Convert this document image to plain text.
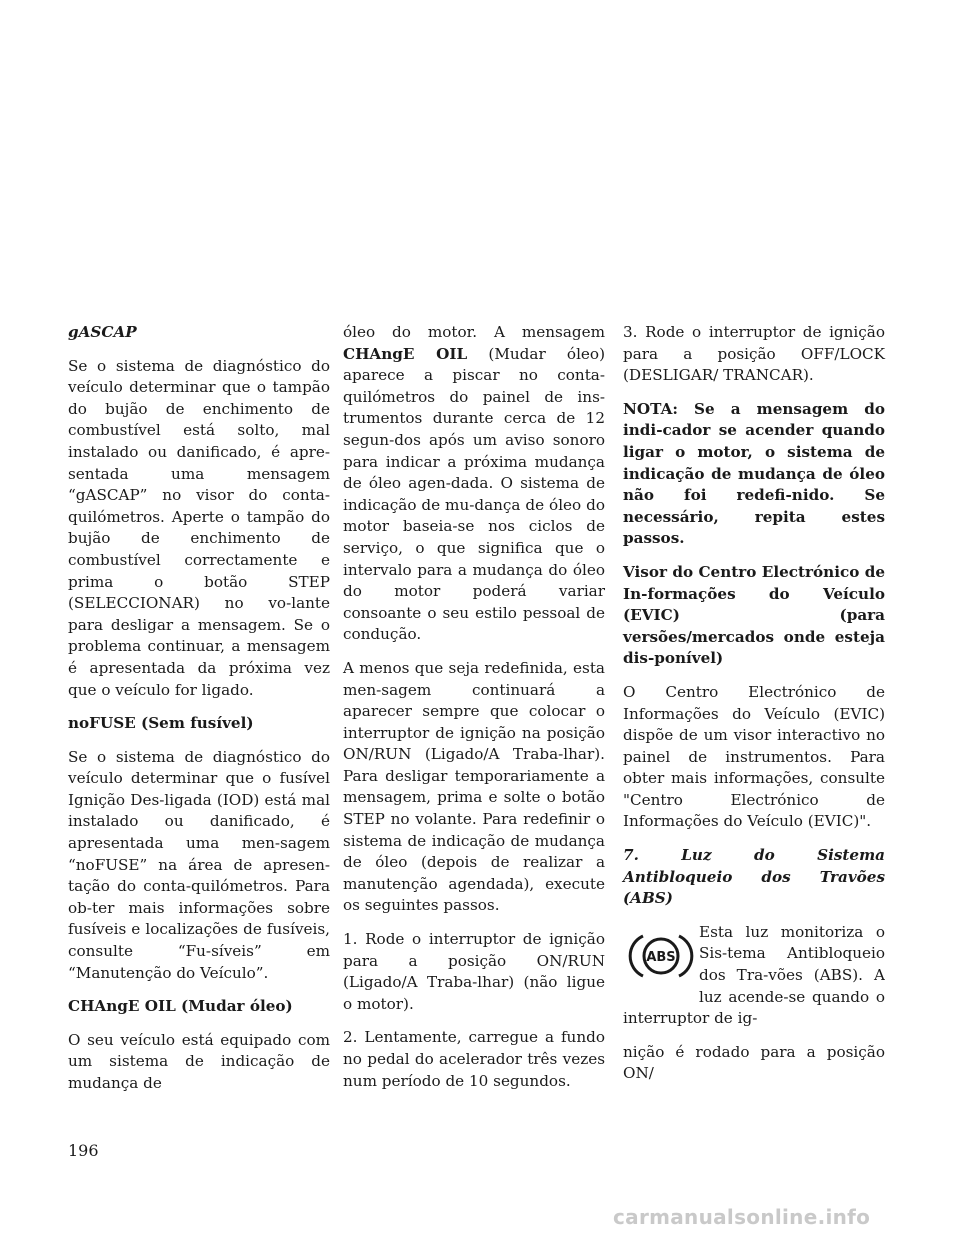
gASCAP

Se o sistema de diagnóstico do veículo determinar que o tampão do bujão de enchimento de combustível está solto, mal instalado ou danificado, é apre-sentada uma mensagem “gASCAP” no visor do conta-quilómetros. Aperte o tampão do bujão de enchimento de combustível correctamente e prima o botão STEP (SELECCIONAR) no vo-lante para desligar a mensagem. Se o problema continuar, a mensagem é apresentada da próxima vez que o veículo for ligado.

noFUSE (Sem fusível)

Se o sistema de diagnóstico do veículo determinar que o fusível Ignição Des-ligada (IOD) está mal instalado ou danificado, é apresentada uma men-sagem “noFUSE” na área de apresen-tação do conta-quilómetros. Para ob-ter mais informações sobre fusíveis e localizações de fusíveis, consulte “Fu-síveis” em “Manutenção do Veículo”.

CHAngE OIL (Mudar óleo)

O seu veículo está equipado com um sistema de indicação de mudança de

óleo do motor. A mensagem CHAngE OIL (Mudar óleo) aparece a piscar no conta-quilómetros do painel de ins-trumentos durante cerca de 12 segun-dos após um aviso sonoro para indicar a próxima mudança de óleo agen-dada. O sistema de indicação de mu-dança de óleo do motor baseia-se nos ciclos de serviço, o que significa que o intervalo para a mudança do óleo do motor poderá variar consoante o seu estilo pessoal de condução.

A menos que seja redefinida, esta men-sagem continuará a aparecer sempre que colocar o interruptor de ignição na posição ON/RUN (Ligado/A Traba-lhar). Para desligar temporariamente a mensagem, prima e solte o botão STEP no volante. Para redefinir o sistema de indicação de mudança de óleo (depois de realizar a manutenção agendada), execute os seguintes passos.

1. Rode o interruptor de ignição para a posição ON/RUN (Ligado/A Traba-lhar) (não ligue o motor).

2. Lentamente, carregue a fundo no pedal do acelerador três vezes num período de 10 segundos.

3. Rode o interruptor de ignição para a posição OFF/LOCK (DESLIGAR/ TRANCAR).

NOTA: Se a mensagem do indi-cador se acender quando ligar o motor, o sistema de indicação de mudança de óleo não foi redefi-nido. Se necessário, repita estes passos.

Visor do Centro Electrónico de In-formações do Veículo (EVIC) (para versões/mercados onde esteja dis-ponível)

O Centro Electrónico de Informações do Veículo (EVIC) dispõe de um visor interactivo no painel de instrumentos. Para obter mais informações, consulte "Centro Electrónico de Informações do Veículo (EVIC)".

7. Luz do Sistema Antibloqueio dos Travões (ABS)

ABS

Esta luz monitoriza o Sis-tema Antibloqueio dos Tra-vões (ABS). A luz acende-se quando o interruptor de ig-

nição é rodado para a posição ON/

196
carmanualsonline.info
